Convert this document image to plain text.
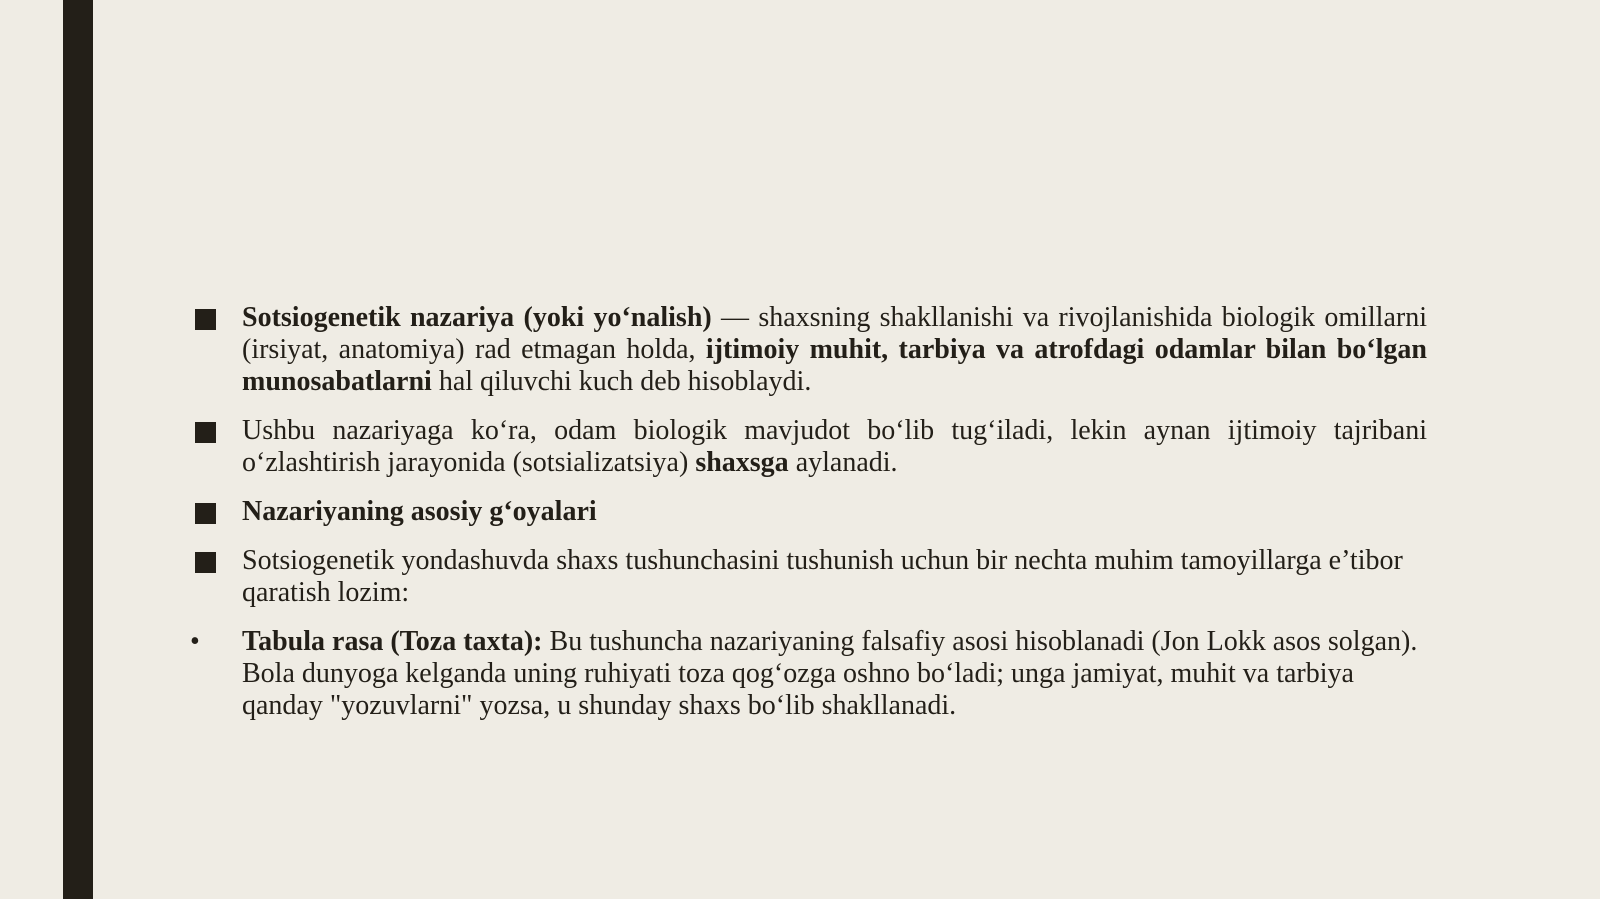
Sotsiogenetik nazariya (yoki yo‘nalish) — shaxsning shakllanishi va rivojlanishida biologik omillarni (irsiyat, anatomiya) rad etmagan holda, ijtimoiy muhit, tarbiya va atrofdagi odamlar bilan bo‘lgan munosabatlarni hal qiluvchi kuch deb hisoblaydi.
Ushbu nazariyaga ko‘ra, odam biologik mavjudot bo‘lib tug‘iladi, lekin aynan ijtimoiy tajribani o‘zlashtirish jarayonida (sotsializatsiya) shaxsga aylanadi.
Nazariyaning asosiy g‘oyalari
Sotsiogenetik yondashuvda shaxs tushunchasini tushunish uchun bir nechta muhim tamoyillarga e’tibor qaratish lozim:
•	Tabula rasa (Toza taxta): Bu tushuncha nazariyaning falsafiy asosi hisoblanadi (Jon Lokk asos solgan). Bola dunyoga kelganda uning ruhiyati toza qog‘ozga oshno bo‘ladi; unga jamiyat, muhit va tarbiya qanday "yozuvlarni" yozsa, u shunday shaxs bo‘lib shakllanadi.
